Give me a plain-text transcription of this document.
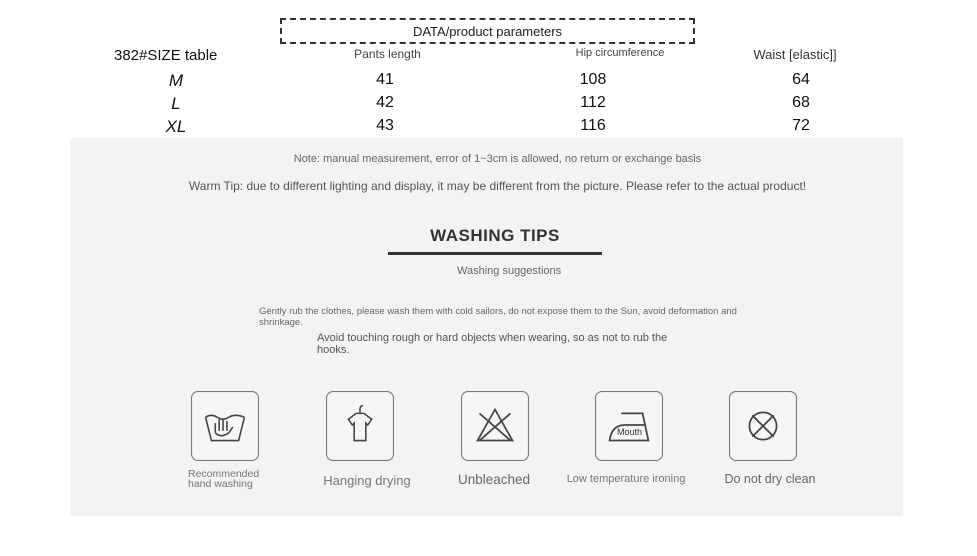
DATA/product parameters
382#SIZE table	Pants length	Hip circumference	Waist [elastic]]
M	41	108	64
L	42	112	68
XL	43	116	72
Note: manual measurement, error of 1~3cm is allowed, no return or exchange basis
Warm Tip: due to different lighting and display, it may be different from the picture. Please refer to the actual product!
WASHING TIPS
Washing suggestions
Gently rub the clothes, please wash them with cold sailors, do not expose them to the Sun, avoid deformation and shrinkage.
Avoid touching rough or hard objects when wearing, so as not to rub the hooks.
Recommended hand washing	Hanging drying	Unbleached
Mouth
Low temperature ironing	Do not dry clean
